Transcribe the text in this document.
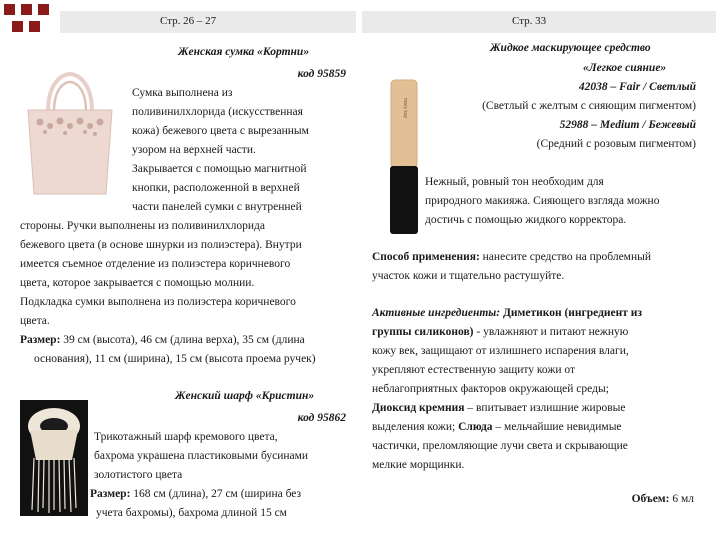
Стр. 26 – 27	Стр. 33
Женская сумка «Кортни»
код 95859
Сумка выполнена из
поливинилхлорида (искусственная
кожа) бежевого цвета с вырезанным
узором на верхней части.
Закрывается с помощью магнитной
кнопки, расположенной в верхней
части панелей сумки с внутренней
стороны. Ручки выполнены из поливинилхлорида
бежевого цвета (в основе шнурки из полиэстера). Внутри
имеется съемное отделение из полиэстера коричневого
цвета, которое закрывается с помощью молнии.
Подкладка сумки выполнена из полиэстера коричневого
цвета.
Размер: 39 см (высота), 46 см (длина верха), 35 см (длина
основания), 11 см (ширина), 15 см (высота проема ручек)
Женский шарф «Кристин»
код 95862
Трикотажный шарф кремового цвета,
бахрома украшена пластиковыми бусинами
золотистого цвета
Размер: 168 см (длина), 27 см (ширина без
учета бахромы), бахрома длиной 15 см
mary kay
Жидкое маскирующее средство
«Легкое сияние»
42038 – Fair / Светлый
(Светлый с желтым с сияющим пигментом)
52988 – Medium / Бежевый
(Средний с розовым пигментом)
Нежный, ровный тон необходим для
природного макияжа. Сияющего взгляда можно
достичь с помощью жидкого корректора.
Способ применения: нанесите средство на проблемный
участок кожи и тщательно растушуйте.
Активные ингредиенты: Диметикон (ингредиент из
группы силиконов) - увлажняют и питают нежную
кожу век, защищают от излишнего испарения влаги,
укрепляют естественную защиту кожи от
неблагоприятных факторов окружающей среды;
Диоксид кремния – впитывает излишние жировые
выделения кожи; Слюда – мельчайшие невидимые
частички, преломляющие лучи света и скрывающие
мелкие морщинки.
Объем: 6 мл
